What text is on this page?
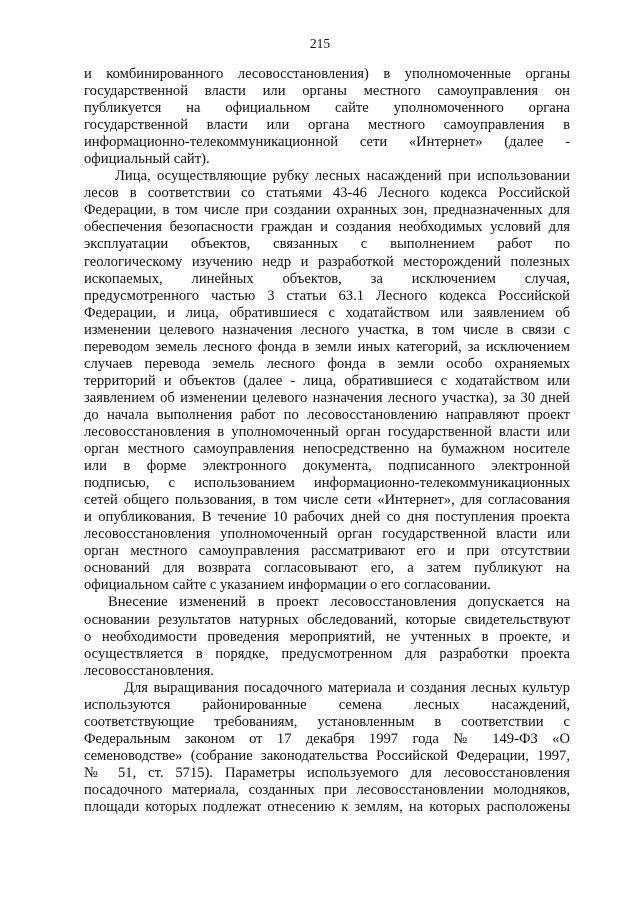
215

и комбинированного лесовосстановления) в уполномоченные органы
государственной власти или органы местного самоуправления он
публикуется на официальном сайте уполномоченного органа
государственной власти или органа местного самоуправления в
информационно-телекоммуникационной сети «Интернет» (далее -
официальный сайт).

Лица, осуществляющие рубку лесных насаждений при использовании
лесов в соответствии со статьями 43-46 Лесного кодекса Российской
Федерации, в том числе при создании охранных зон, предназначенных для
обеспечения безопасности граждан и создания необходимых условий для
эксплуатации объектов, связанных с выполнением работ по
геологическому изучению недр и разработкой месторождений полезных
ископаемых, линейных объектов, за исключением случая,
предусмотренного частью 3 статьи 63.1 Лесного кодекса Российской
Федерации, и лица, обратившиеся с ходатайством или заявлением об
изменении целевого назначения лесного участка, в том числе в связи с
переводом земель лесного фонда в земли иных категорий, за исключением
случаев перевода земель лесного фонда в земли особо охраняемых
территорий и объектов (далее - лица, обратившиеся с ходатайством или
заявлением об изменении целевого назначения лесного участка), за 30 дней
до начала выполнения работ по лесовосстановлению направляют проект
лесовосстановления в уполномоченный орган государственной власти или
орган местного самоуправления непосредственно на бумажном носителе
или в форме электронного документа, подписанного электронной
подписью, с использованием информационно-телекоммуникационных
сетей общего пользования, в том числе сети «Интернет», для согласования
и опубликования. В течение 10 рабочих дней со дня поступления проекта
лесовосстановления уполномоченный орган государственной власти или
орган местного самоуправления рассматривают его и при отсутствии
оснований для возврата согласовывают его, а затем публикуют на
официальном сайте с указанием информации о его согласовании.

Внесение изменений в проект лесовосстановления допускается на
основании результатов натурных обследований, которые свидетельствуют
о необходимости проведения мероприятий, не учтенных в проекте, и
осуществляется в порядке, предусмотренном для разработки проекта
лесовосстановления.

Для выращивания посадочного материала и создания лесных культур
используются районированные семена лесных насаждений,
соответствующие требованиям, установленным в соответствии с
Федеральным законом от 17 декабря 1997 года № 149-ФЗ «О
семеноводстве» (собрание законодательства Российской Федерации, 1997,
№ 51, ст. 5715). Параметры используемого для лесовосстановления
посадочного материала, созданных при лесовосстановлении молодняков,
площади которых подлежат отнесению к землям, на которых расположены
